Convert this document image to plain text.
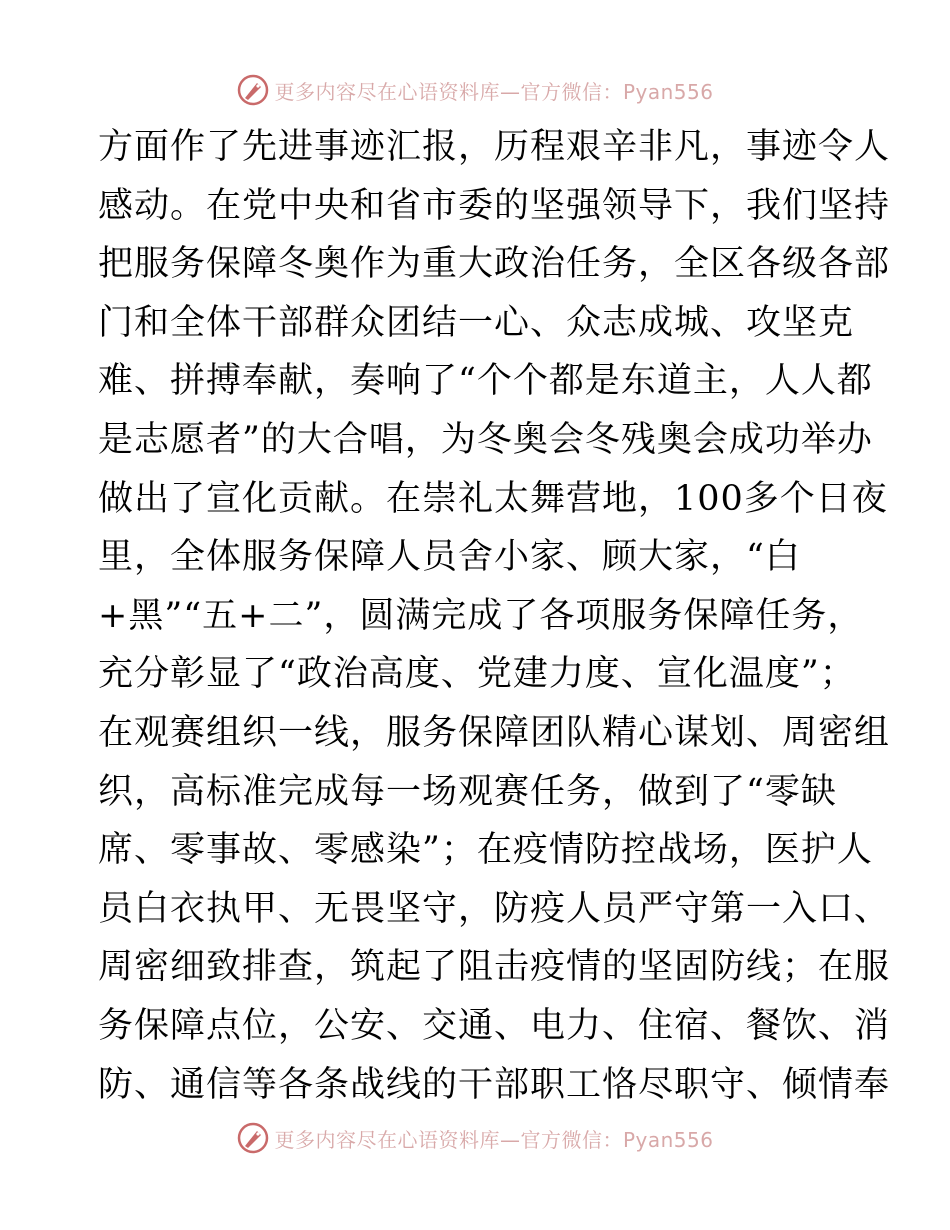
更多内容尽在心语资料库—官方微信：Pyan556
方面作了先进事迹汇报，历程艰辛非凡，事迹令人
感动。在党中央和省市委的坚强领导下，我们坚持
把服务保障冬奥作为重大政治任务，全区各级各部
门和全体干部群众团结一心、众志成城、攻坚克
难、拼搏奉献，奏响了“个个都是东道主，人人都
是志愿者”的大合唱，为冬奥会冬残奥会成功举办
做出了宣化贡献。在崇礼太舞营地，100多个日夜
里，全体服务保障人员舍小家、顾大家，“白
+黑”“五+二”，圆满完成了各项服务保障任务，
充分彰显了“政治高度、党建力度、宣化温度”；
在观赛组织一线，服务保障团队精心谋划、周密组
织，高标准完成每一场观赛任务，做到了“零缺
席、零事故、零感染”；在疫情防控战场，医护人
员白衣执甲、无畏坚守，防疫人员严守第一入口、
周密细致排查，筑起了阻击疫情的坚固防线；在服
务保障点位，公安、交通、电力、住宿、餐饮、消
防、通信等各条战线的干部职工恪尽职守、倾情奉
更多内容尽在心语资料库—官方微信：Pyan556
